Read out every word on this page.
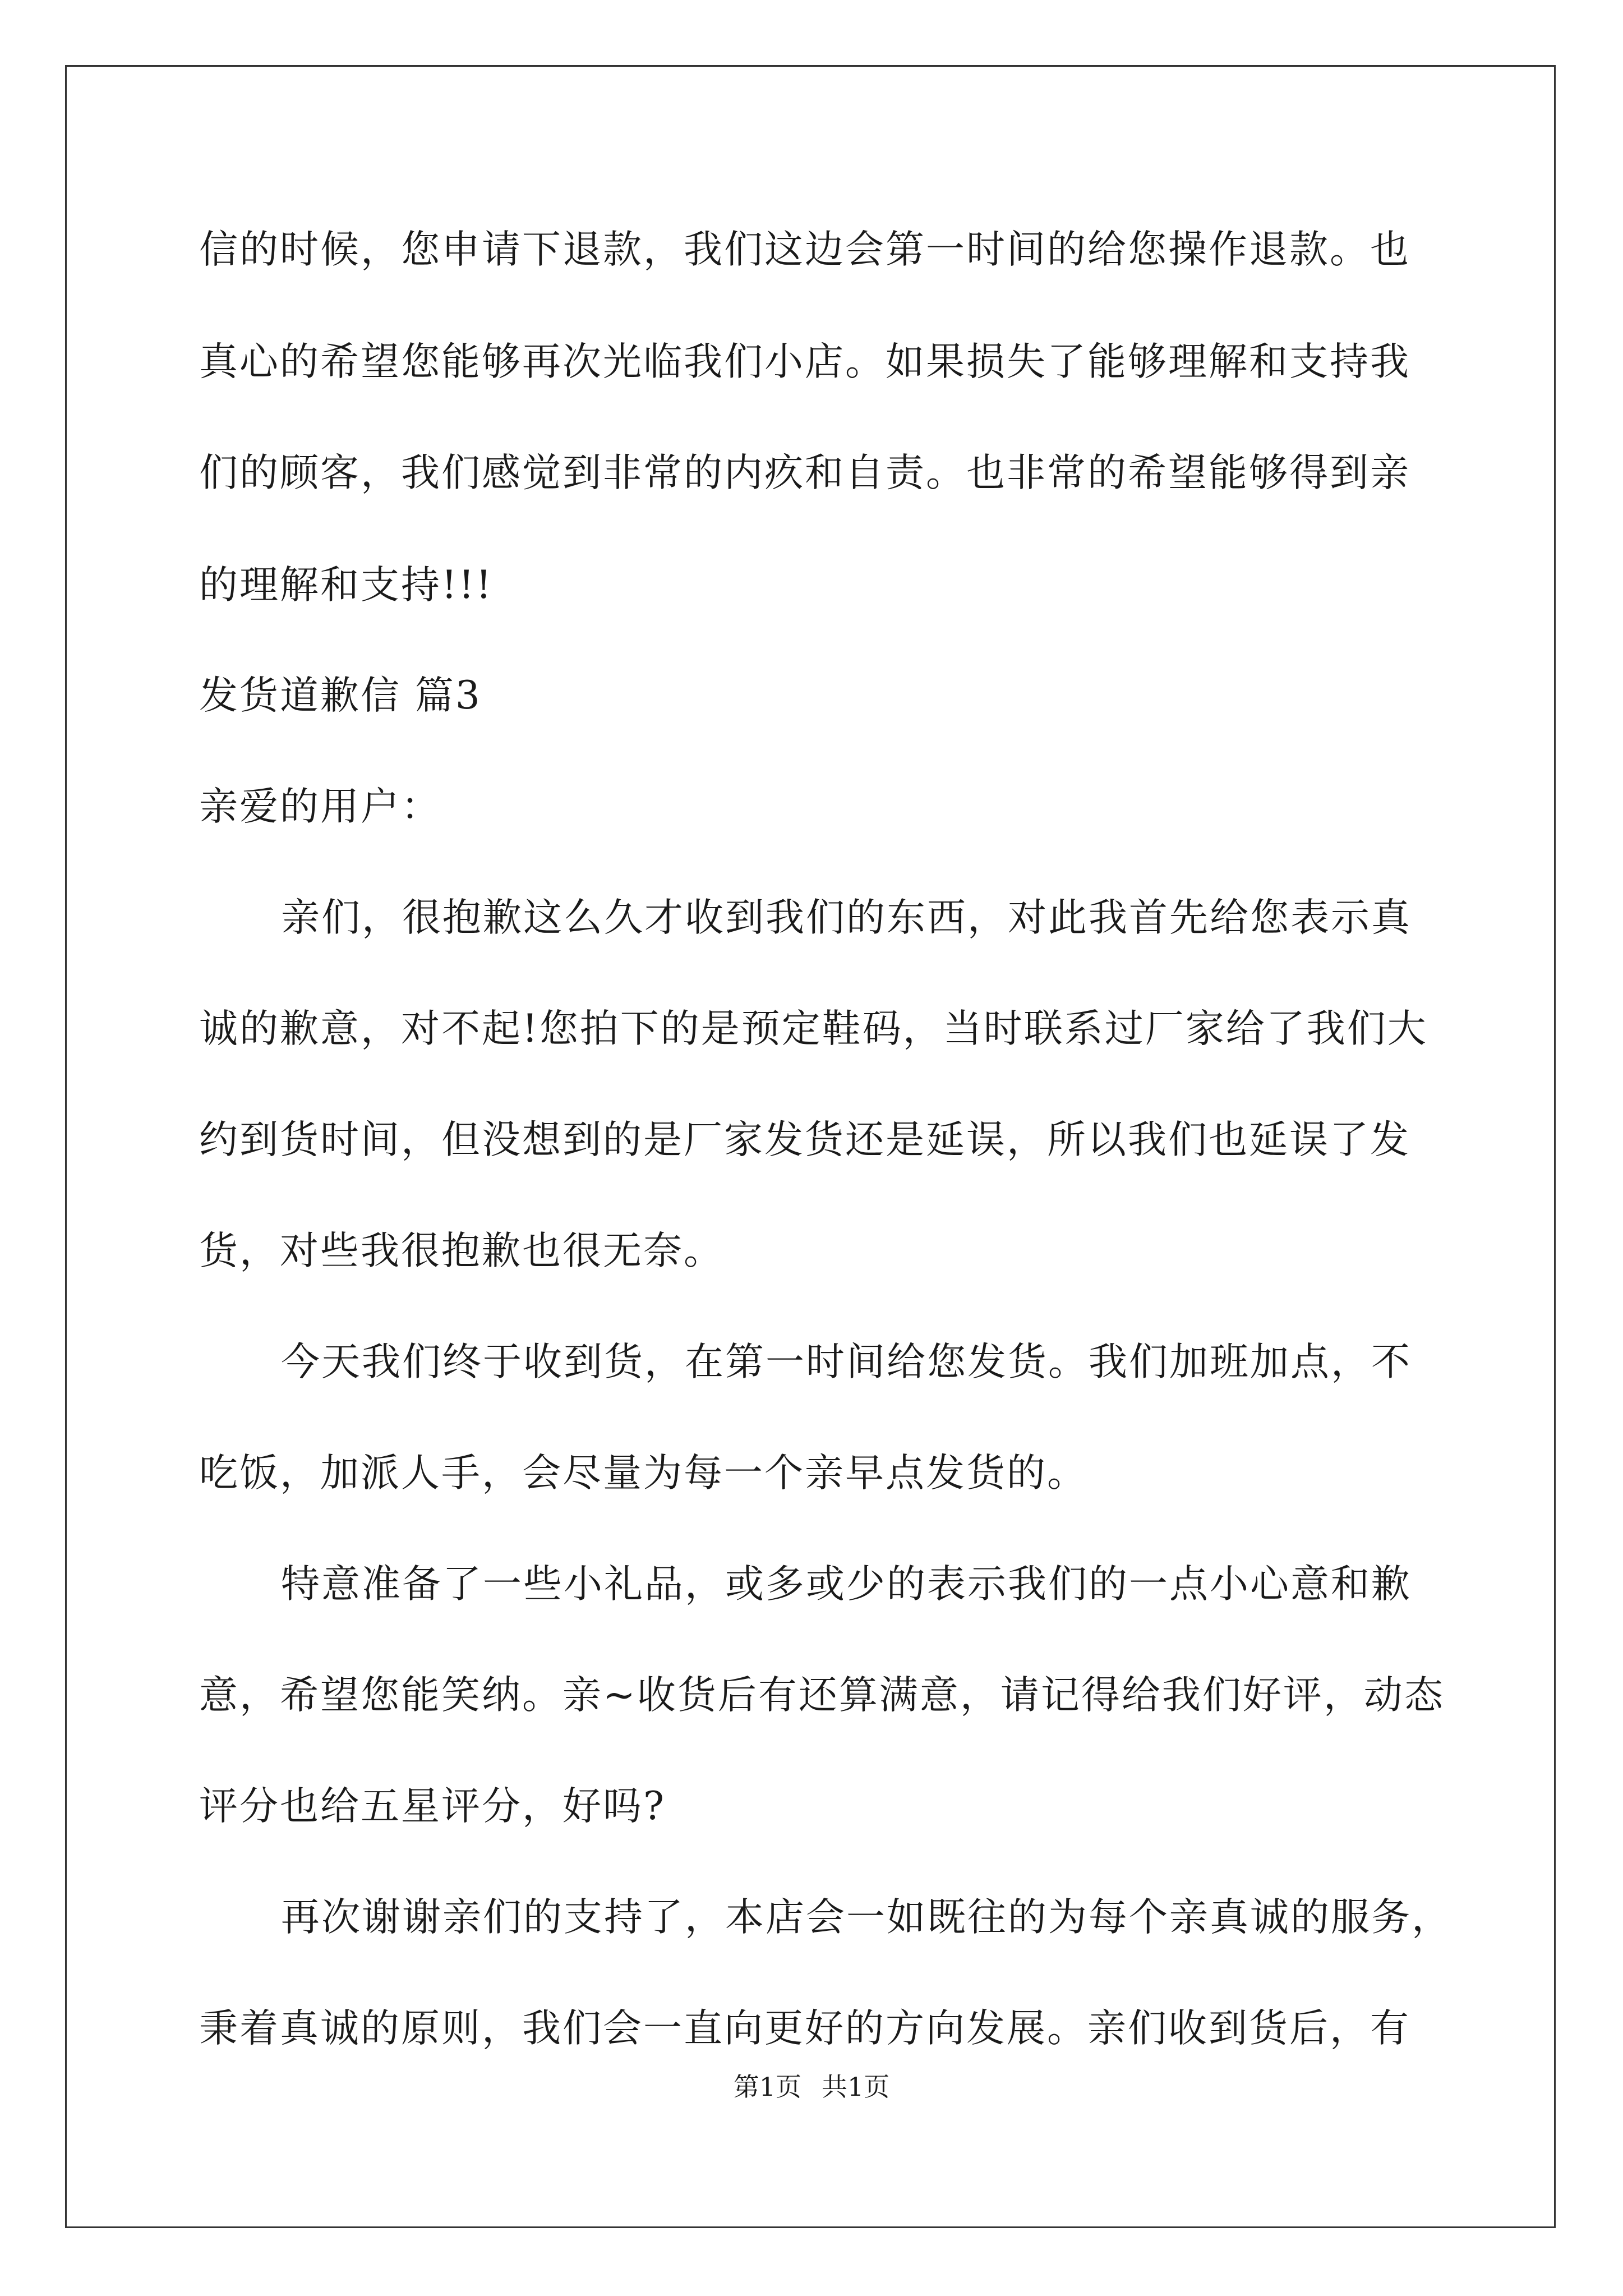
信的时候，您申请下退款，我们这边会第一时间的给您操作退款。也
真心的希望您能够再次光临我们小店。如果损失了能够理解和支持我
们的顾客，我们感觉到非常的内疚和自责。也非常的希望能够得到亲
的理解和支持!!!
发货道歉信 篇3
亲爱的用户：
亲们，很抱歉这么久才收到我们的东西，对此我首先给您表示真
诚的歉意，对不起!您拍下的是预定鞋码，当时联系过厂家给了我们大
约到货时间，但没想到的是厂家发货还是延误，所以我们也延误了发
货，对些我很抱歉也很无奈。
今天我们终于收到货，在第一时间给您发货。我们加班加点，不
吃饭，加派人手，会尽量为每一个亲早点发货的。
特意准备了一些小礼品，或多或少的表示我们的一点小心意和歉
意，希望您能笑纳。亲~收货后有还算满意，请记得给我们好评，动态
评分也给五星评分，好吗?
再次谢谢亲们的支持了，本店会一如既往的为每个亲真诚的服务，
秉着真诚的原则，我们会一直向更好的方向发展。亲们收到货后，有
第1页 共1页
